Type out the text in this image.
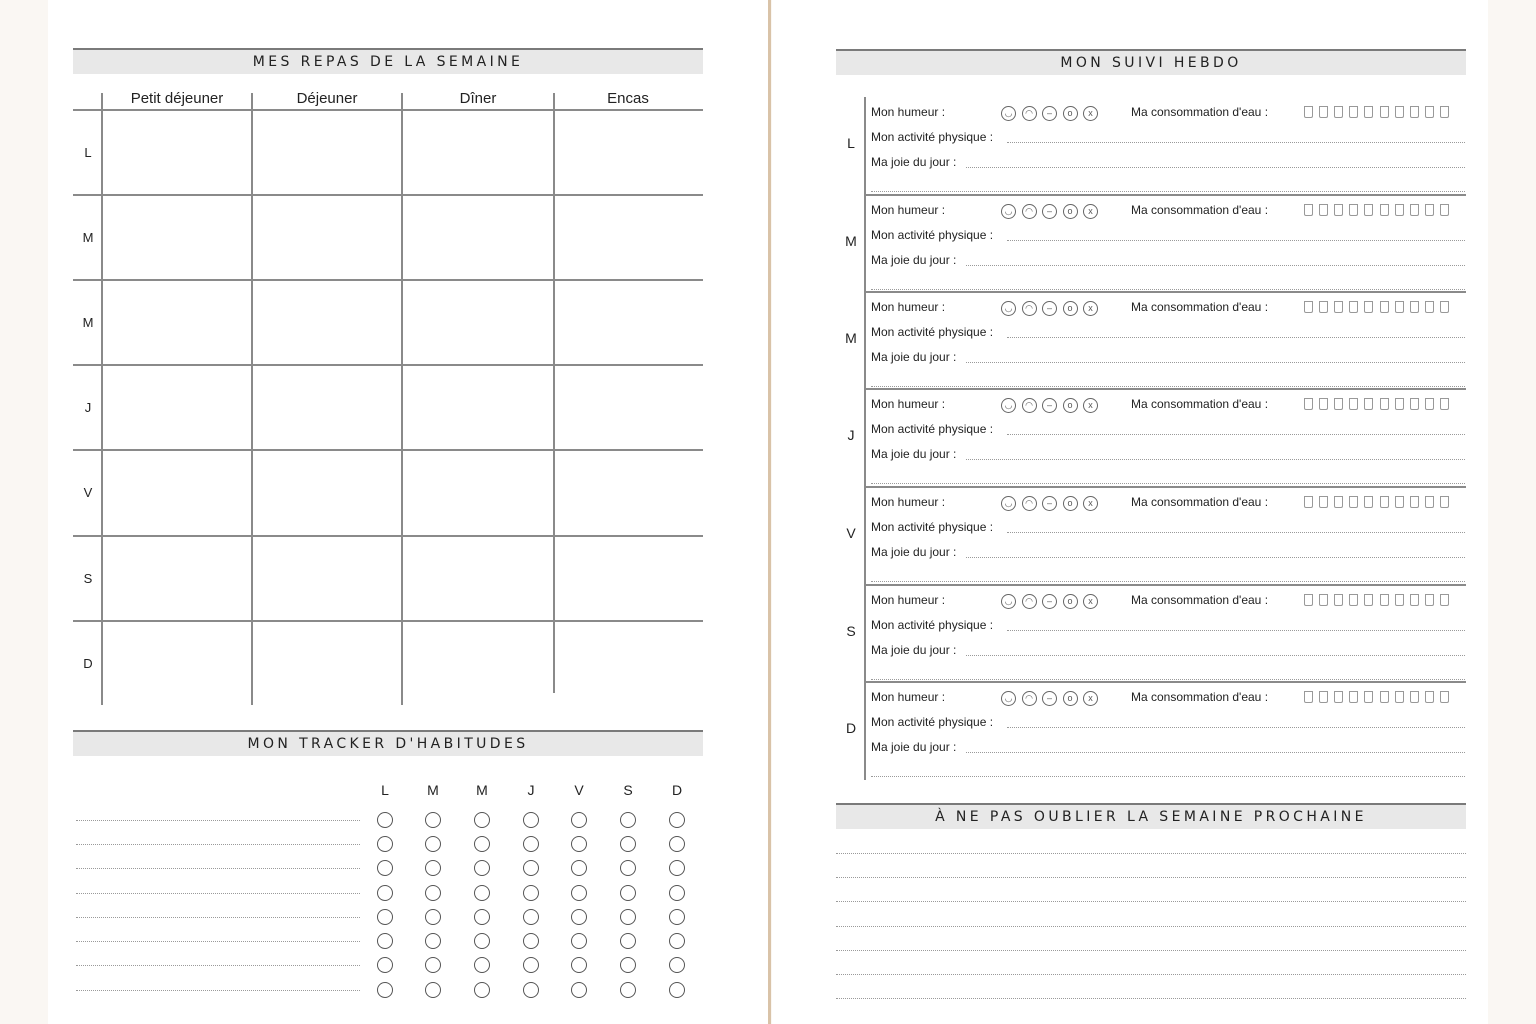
MES REPAS DE LA SEMAINE
Petit déjeuner	Déjeuner	Dîner	Encas
L
M
M
J
V
S
D
MON TRACKER D'HABITUDES
L	M	M	J	V	S	D
MON SUIVI HEBDO
L
Mon humeur :	◡	◠	–	o	x	Ma consommation d'eau :
Mon activité physique :
Ma joie du jour :
M
Mon humeur :	◡	◠	–	o	x	Ma consommation d'eau :
Mon activité physique :
Ma joie du jour :
M
Mon humeur :	◡	◠	–	o	x	Ma consommation d'eau :
Mon activité physique :
Ma joie du jour :
J
Mon humeur :	◡	◠	–	o	x	Ma consommation d'eau :
Mon activité physique :
Ma joie du jour :
V
Mon humeur :	◡	◠	–	o	x	Ma consommation d'eau :
Mon activité physique :
Ma joie du jour :
S
Mon humeur :	◡	◠	–	o	x	Ma consommation d'eau :
Mon activité physique :
Ma joie du jour :
D
Mon humeur :	◡	◠	–	o	x	Ma consommation d'eau :
Mon activité physique :
Ma joie du jour :
À NE PAS OUBLIER LA SEMAINE PROCHAINE
